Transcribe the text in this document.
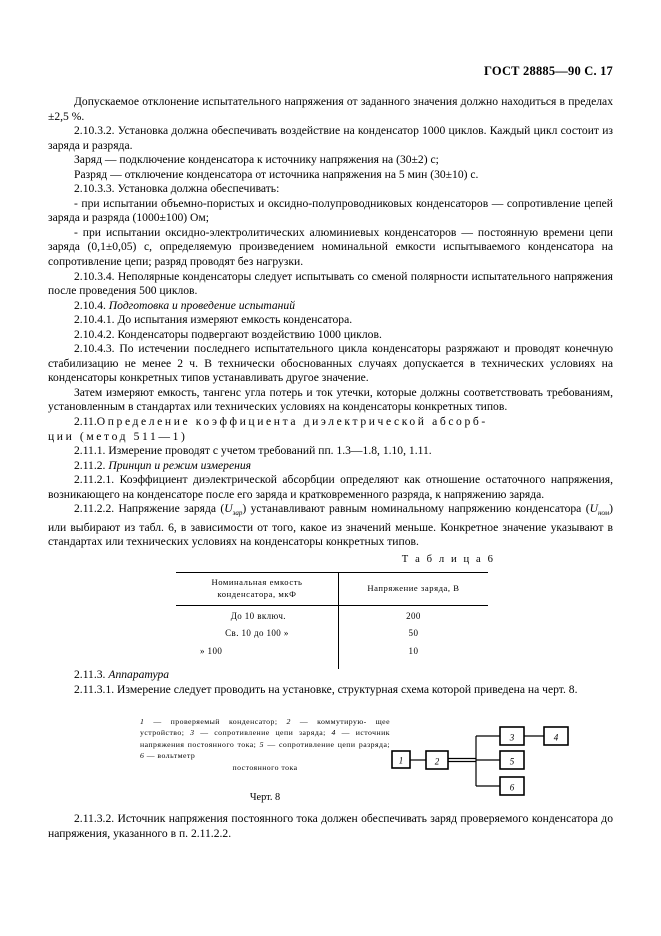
ГОСТ 28885—90 С. 17

Допускаемое отклонение испытательного напряжения от заданного значения должно находиться в пределах ±2,5 %.

2.10.3.2. Установка должна обеспечивать воздействие на конденсатор 1000 циклов. Каждый цикл состоит из заряда и разряда.

Заряд — подключение конденсатора к источнику напряжения на (30±2) с;

Разряд — отключение конденсатора от источника напряжения на 5 мин (30±10) с.

2.10.3.3. Установка должна обеспечивать:

- при испытании объемно-пористых и оксидно-полупроводниковых конденсаторов — сопротивление цепей заряда и разряда (1000±100) Ом;

- при испытании оксидно-электролитических алюминиевых конденсаторов — постоянную времени цепи заряда (0,1±0,05) с, определяемую произведением номинальной емкости испытываемого конденсатора на сопротивление цепи; разряд проводят без нагрузки.

2.10.3.4. Неполярные конденсаторы следует испытывать со сменой полярности испытательного напряжения после проведения 500 циклов.

2.10.4. Подготовка и проведение испытаний

2.10.4.1. До испытания измеряют емкость конденсатора.

2.10.4.2. Конденсаторы подвергают воздействию 1000 циклов.

2.10.4.3. По истечении последнего испытательного цикла конденсаторы разряжают и проводят конечную стабилизацию не менее 2 ч. В технически обоснованных случаях допускается в технических условиях на конденсаторы конкретных типов устанавливать другое значение.

Затем измеряют емкость, тангенс угла потерь и ток утечки, которые должны соответствовать требованиям, установленным в стандартах или технических условиях на конденсаторы конкретных типов.

2.11.Определение коэффициента диэлектрической абсорб-

ции (метод 511—1)

2.11.1. Измерение проводят с учетом требований пп. 1.3—1.8, 1.10, 1.11.

2.11.2. Принцип и режим измерения

2.11.2.1. Коэффициент диэлектрической абсорбции определяют как отношение остаточного напряжения, возникающего на конденсаторе после его заряда и кратковременного разряда, к напряжению заряда.

2.11.2.2. Напряжение заряда $(U_{зар})$ устанавливают равным номинальному напряжению конденсатора $(U_{ном})$ или выбирают из табл. 6, в зависимости от того, какое из значений меньше. Конкретное значение указывают в стандартах или технических условиях на конденсаторы конкретных типов.

Т а б л и ц а 6
Номинальная емкость
конденсатора, мкФ	Напряжение заряда, В
До 10 включ.	200
Св. 10 до 100 »	50
» 100	10

2.11.3. Аппаратура

2.11.3.1. Измерение следует проводить на установке, структурная схема которой приведена на черт. 8.

1 — проверяемый конденсатор; 2 — коммутирую- щее устройство; 3 — сопротивление цепи заряда; 4 — источник напряжения постоянного тока; 5 — сопротивление цепи разряда; 6 — вольтметр
постоянного тока
Черт. 8
1	2
3	4
5
6

2.11.3.2. Источник напряжения постоянного тока должен обеспечивать заряд проверяемого конденсатора до напряжения, указанного в п. 2.11.2.2.
